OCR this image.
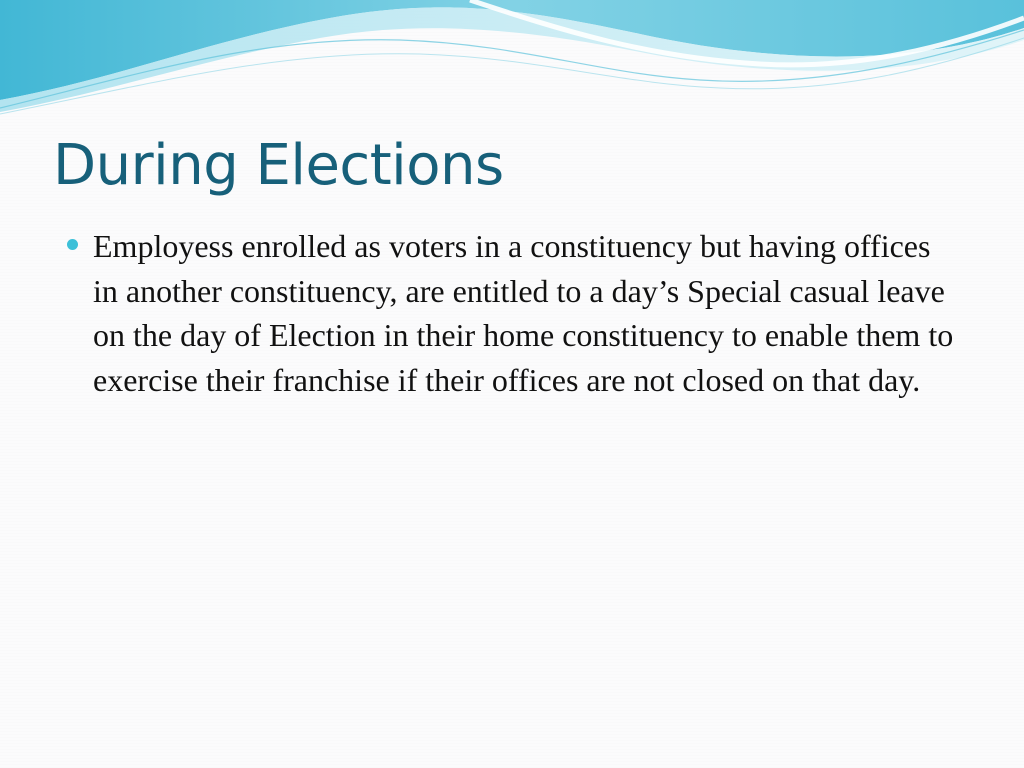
During Elections
Employess enrolled as voters in a constituency but having offices in another constituency, are entitled to a day’s Special casual leave on the day of Election in their home constituency to enable them to exercise their franchise if their offices are not closed on that day.
